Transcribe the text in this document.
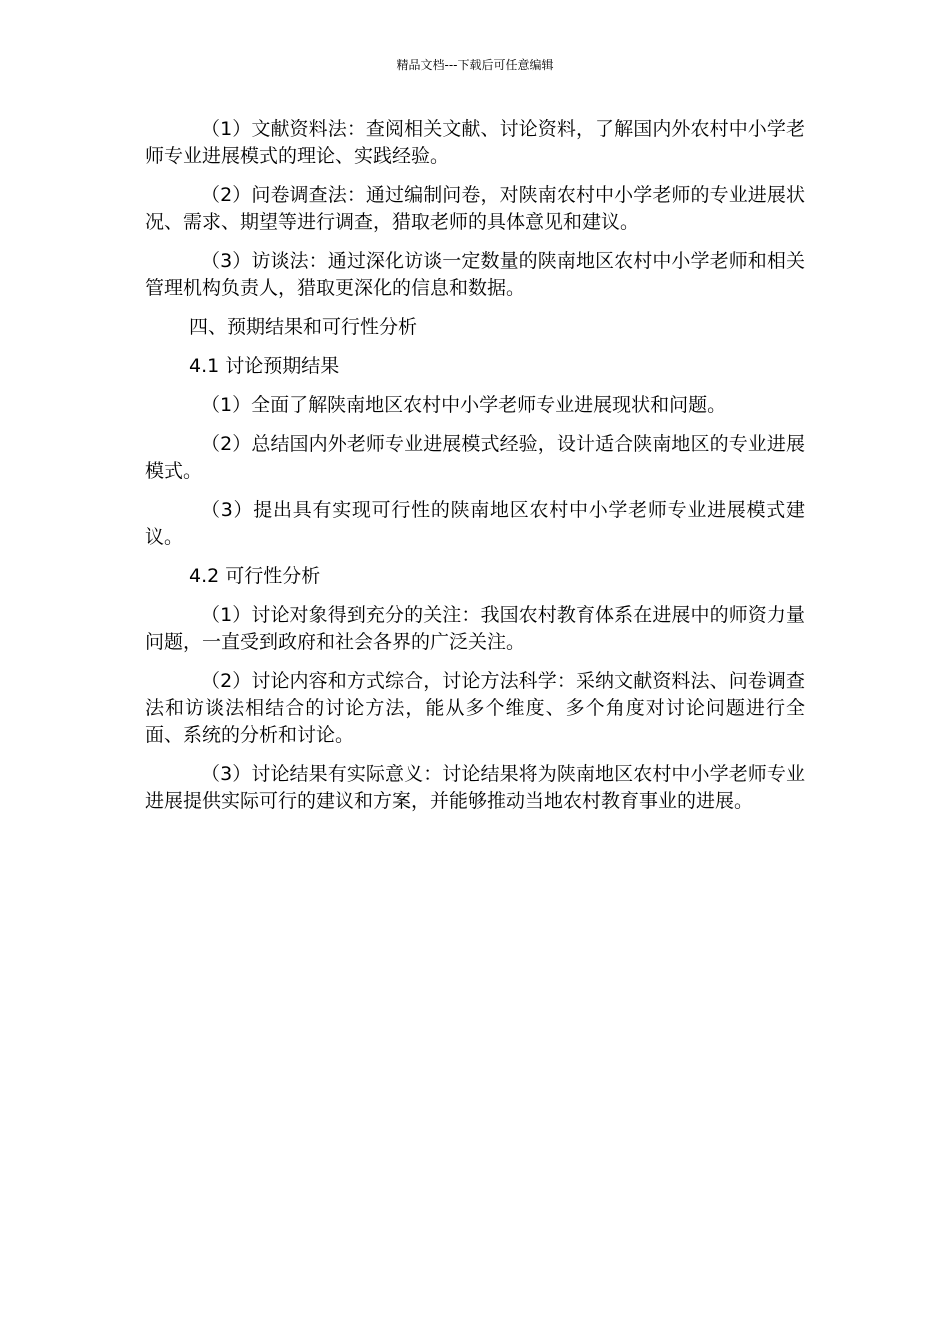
精品文档---下载后可任意编辑

（1）文献资料法：查阅相关文献、讨论资料，了解国内外农村中小学老师专业进展模式的理论、实践经验。

（2）问卷调查法：通过编制问卷，对陕南农村中小学老师的专业进展状况、需求、期望等进行调查，猎取老师的具体意见和建议。

（3）访谈法：通过深化访谈一定数量的陕南地区农村中小学老师和相关管理机构负责人，猎取更深化的信息和数据。

四、预期结果和可行性分析

4.1 讨论预期结果

（1）全面了解陕南地区农村中小学老师专业进展现状和问题。

（2）总结国内外老师专业进展模式经验，设计适合陕南地区的专业进展模式。

（3）提出具有实现可行性的陕南地区农村中小学老师专业进展模式建议。

4.2 可行性分析

（1）讨论对象得到充分的关注：我国农村教育体系在进展中的师资力量问题，一直受到政府和社会各界的广泛关注。

（2）讨论内容和方式综合，讨论方法科学：采纳文献资料法、问卷调查法和访谈法相结合的讨论方法，能从多个维度、多个角度对讨论问题进行全面、系统的分析和讨论。

（3）讨论结果有实际意义：讨论结果将为陕南地区农村中小学老师专业进展提供实际可行的建议和方案，并能够推动当地农村教育事业的进展。
